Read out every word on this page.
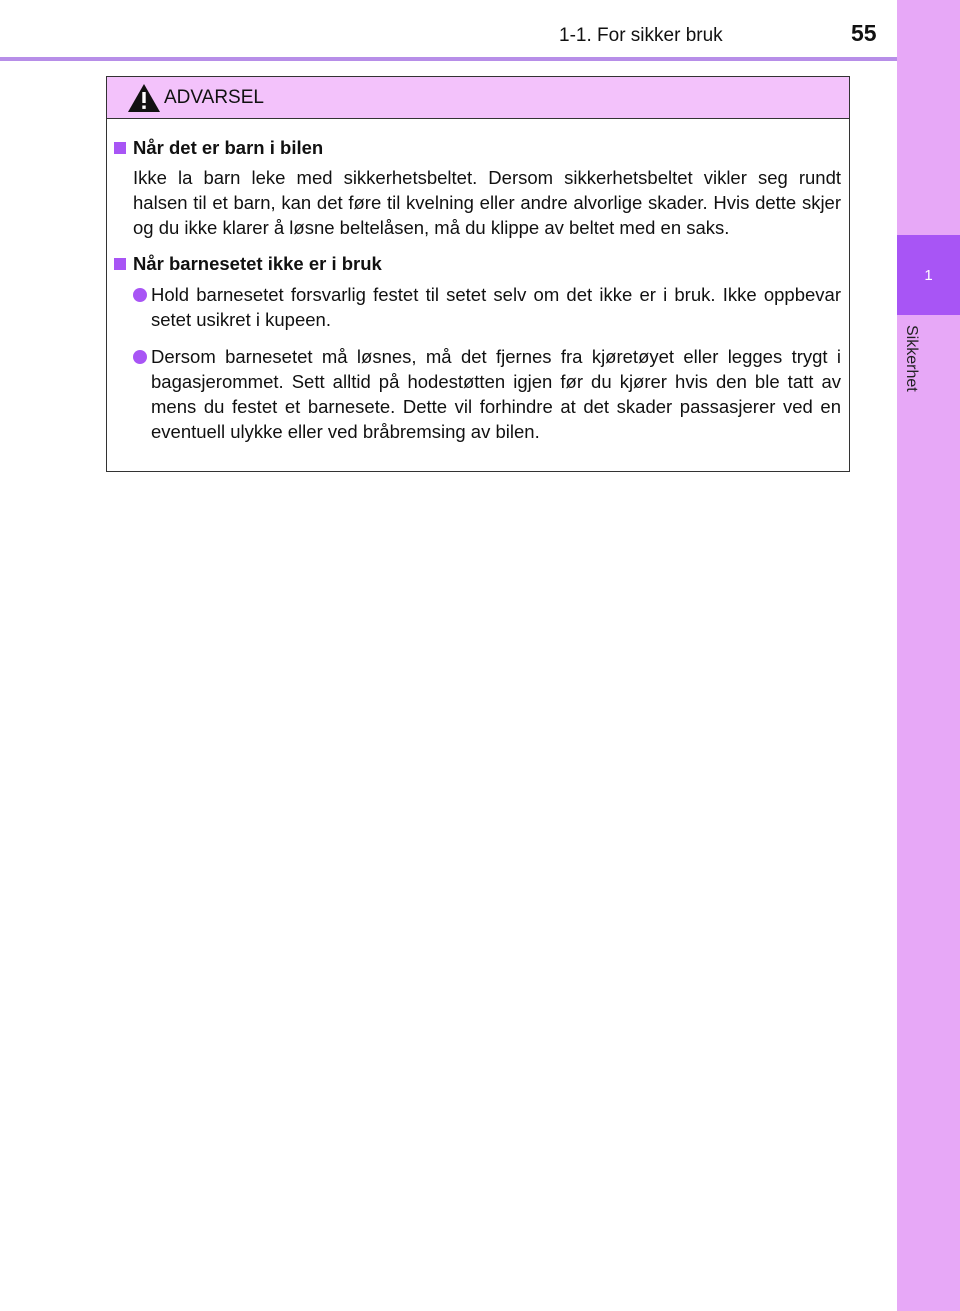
1-1. For sikker bruk	55
1
Sikkerhet
ADVARSEL
Når det er barn i bilen
Ikke la barn leke med sikkerhetsbeltet. Dersom sikkerhetsbeltet vikler seg rundt halsen til et barn, kan det føre til kvelning eller andre alvorlige skader. Hvis dette skjer og du ikke klarer å løsne beltelåsen, må du klippe av beltet med en saks.
Når barnesetet ikke er i bruk
Hold barnesetet forsvarlig festet til setet selv om det ikke er i bruk. Ikke oppbevar setet usikret i kupeen.
Dersom barnesetet må løsnes, må det fjernes fra kjøretøyet eller legges trygt i bagasjerommet. Sett alltid på hodestøtten igjen før du kjører hvis den ble tatt av mens du festet et barnesete. Dette vil forhindre at det skader passasjerer ved en eventuell ulykke eller ved bråbremsing av bilen.
